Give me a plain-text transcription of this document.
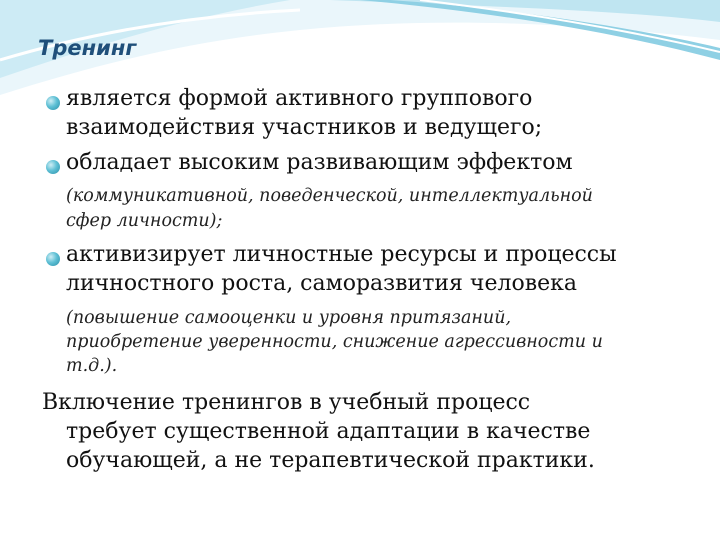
Тренинг
является формой активного группового
взаимодействия участников и ведущего;
обладает высоким развивающим эффектом
(коммуникативной, поведенческой, интеллектуальной
сфер личности);
активизирует личностные ресурсы и процессы
личностного роста, саморазвития человека
(повышение самооценки и уровня притязаний,
приобретение уверенности, снижение агрессивности и
т.д.).
Включение тренингов в учебный процесс
требует существенной адаптации в качестве
обучающей, а не терапевтической практики.
